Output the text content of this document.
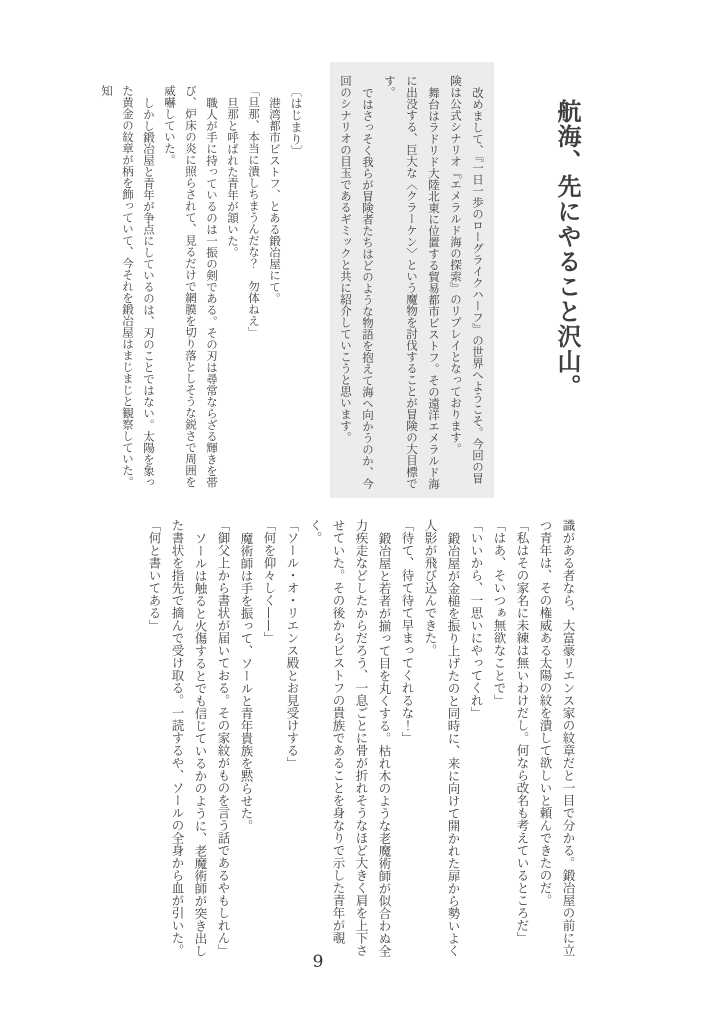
航海、先にやること沢山。

改めまして、『一日一歩のローグライクハーフ』の世界へようこそ。今回の冒険は公式シナリオ『エメラルド海の探索』のリプレイとなっております。

舞台はラドリド大陸北東に位置する貿易都市ビストフ。その遠洋エメラルド海に出没する、巨大な〈クラーケン〉という魔物を討伐することが冒険の大目標です。

ではさっそく我らが冒険者たちはどのような物語を抱えて海へ向かうのか、今回のシナリオの目玉であるギミックと共に紹介していこうと思います。

〔はじまり〕

港湾都市ビストフ、とある鍛冶屋にて。

「旦那、本当に潰しちまうんだな？　勿体ねえ」

旦那と呼ばれた青年が頷いた。

職人が手に持っているのは一振の剣である。その刃は尋常ならざる輝きを帯び、炉床の炎に照らされて、見るだけで網膜を切り落としそうな鋭さで周囲を威嚇していた。

しかし鍛冶屋と青年が争点にしているのは、刃のことではない。太陽を象った黄金の紋章が柄を飾っていて、今それを鍛冶屋はまじまじと観察していた。知

識がある者なら、大富豪リエンス家の紋章だと一目で分かる。鍛冶屋の前に立つ青年は、その権威ある太陽の紋を潰して欲しいと頼んできたのだ。

「私はその家名に未練は無いわけだし。何なら改名も考えているところだ」

「はあ、そいつぁ無欲なことで」

「いいから、一思いにやってくれ」

鍛冶屋が金槌を振り上げたのと同時に、来に向けて開かれた扉から勢いよく人影が飛び込んできた。

「待て、待て待て早まってくれるな！」

鍛冶屋と若者が揃って目を丸くする。枯れ木のような老魔術師が似合わぬ全力疾走などしたからだろう、一息ごとに骨が折れそうなほど大きく肩を上下させていた。その後からビストフの貴族であることを身なりで示した青年が覗く。

「ソール・オ・リエンス殿とお見受けする」

「何を仰々しく——」

魔術師は手を振って、ソールと青年貴族を黙らせた。

「御父上から書状が届いておる。その家紋がものを言う話であるやもしれん」

ソールは触ると火傷するとでも信じているかのように、老魔術師が突き出した書状を指先で摘んで受け取る。一読するや、ソールの全身から血が引いた。

「何と書いてある」

9
